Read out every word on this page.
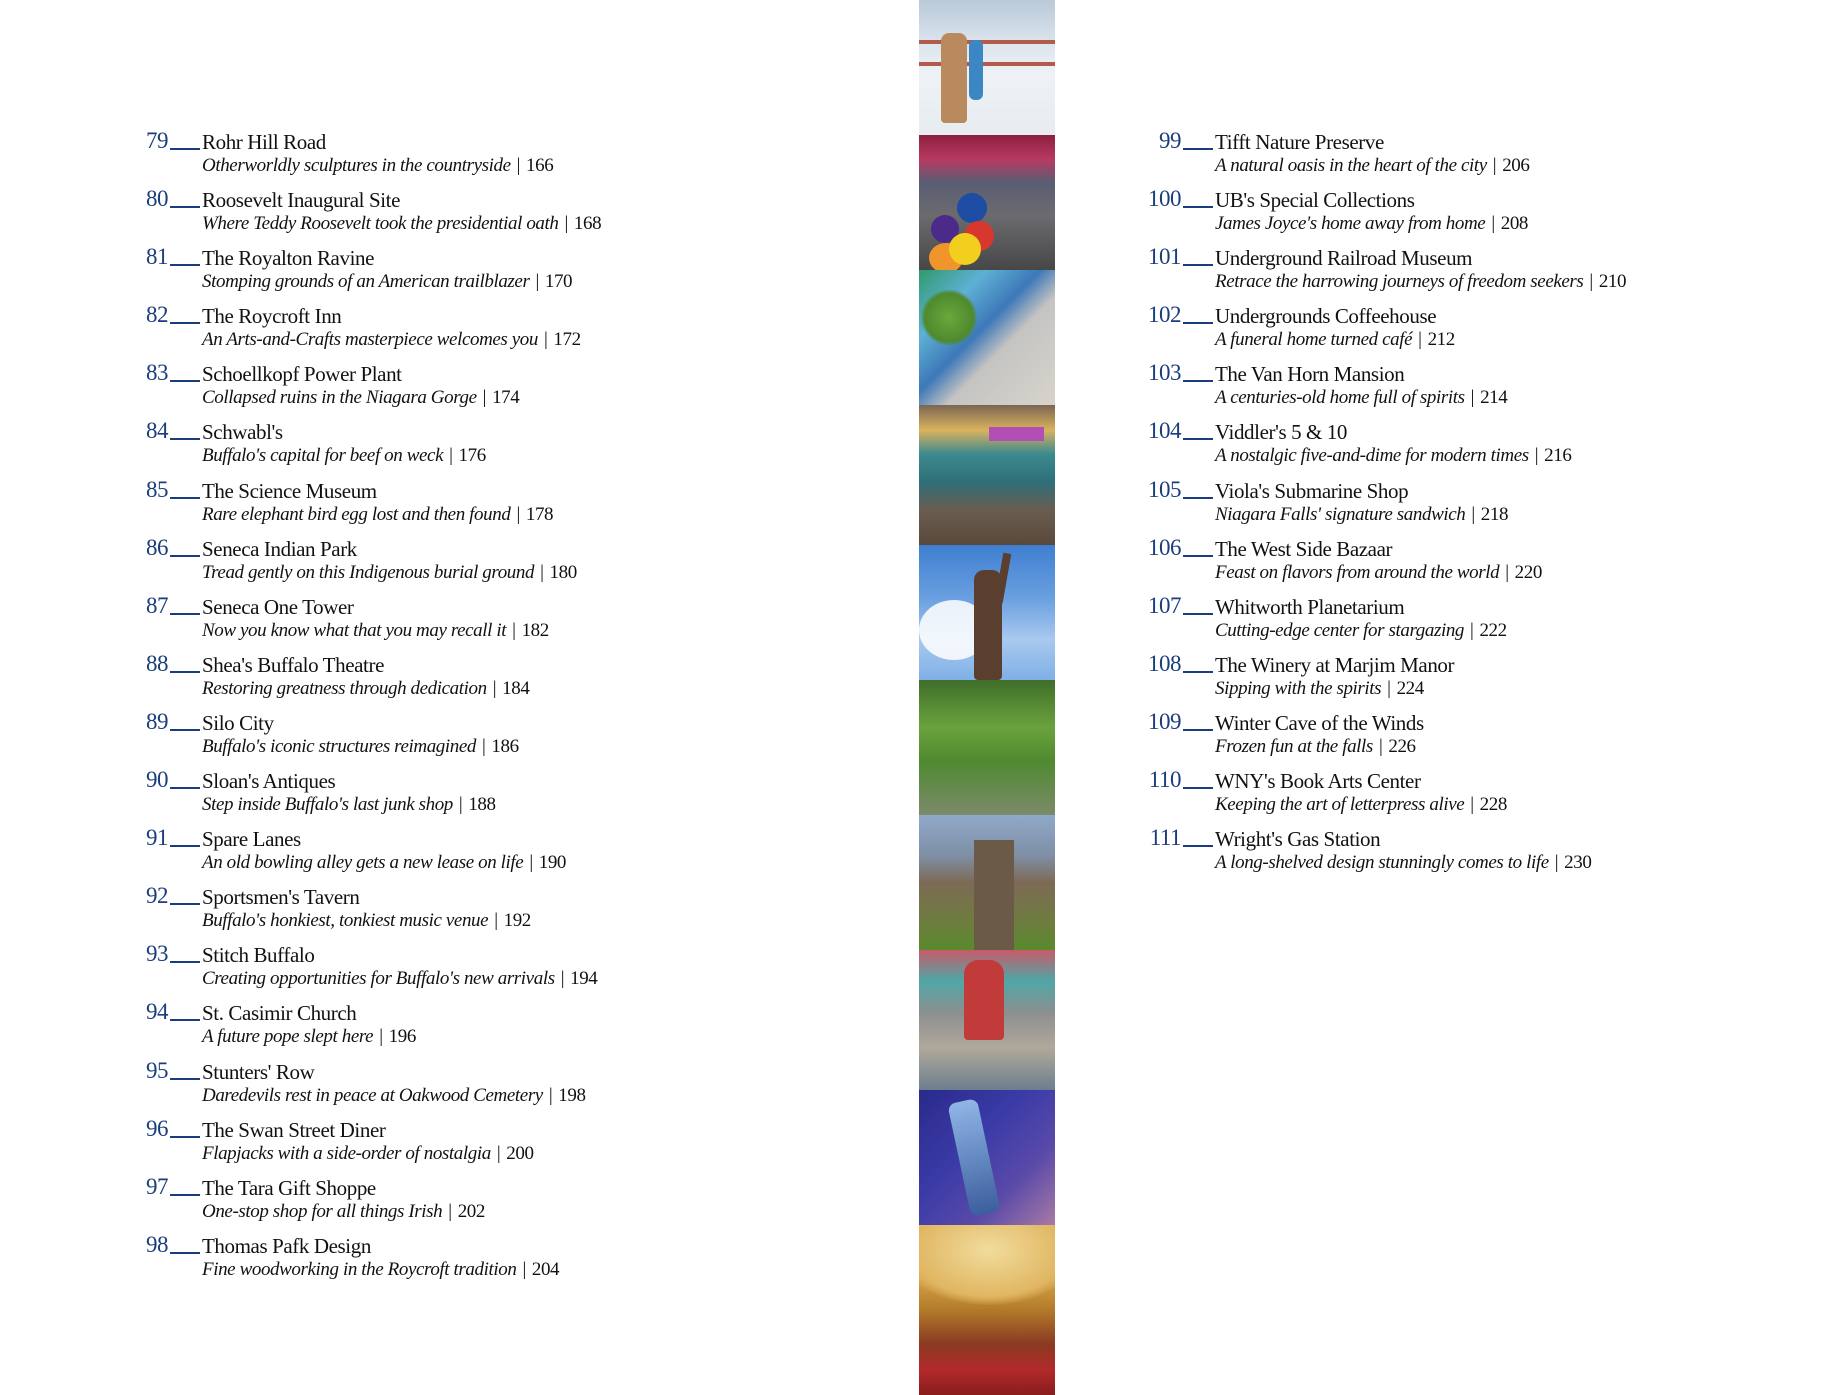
79 Rohr Hill Road
Otherworldly sculptures in the countryside | 166
80 Roosevelt Inaugural Site
Where Teddy Roosevelt took the presidential oath | 168
81 The Royalton Ravine
Stomping grounds of an American trailblazer | 170
82 The Roycroft Inn
An Arts-and-Crafts masterpiece welcomes you | 172
83 Schoellkopf Power Plant
Collapsed ruins in the Niagara Gorge | 174
84 Schwabl's
Buffalo's capital for beef on weck | 176
85 The Science Museum
Rare elephant bird egg lost and then found | 178
86 Seneca Indian Park
Tread gently on this Indigenous burial ground | 180
87 Seneca One Tower
Now you know what that you may recall it | 182
88 Shea's Buffalo Theatre
Restoring greatness through dedication | 184
89 Silo City
Buffalo's iconic structures reimagined | 186
90 Sloan's Antiques
Step inside Buffalo's last junk shop | 188
91 Spare Lanes
An old bowling alley gets a new lease on life | 190
92 Sportsmen's Tavern
Buffalo's honkiest, tonkiest music venue | 192
93 Stitch Buffalo
Creating opportunities for Buffalo's new arrivals | 194
94 St. Casimir Church
A future pope slept here | 196
95 Stunters' Row
Daredevils rest in peace at Oakwood Cemetery | 198
96 The Swan Street Diner
Flapjacks with a side-order of nostalgia | 200
97 The Tara Gift Shoppe
One-stop shop for all things Irish | 202
98 Thomas Pafk Design
Fine woodworking in the Roycroft tradition | 204
99 Tifft Nature Preserve
A natural oasis in the heart of the city | 206
100 UB's Special Collections
James Joyce's home away from home | 208
101 Underground Railroad Museum
Retrace the harrowing journeys of freedom seekers | 210
102 Undergrounds Coffeehouse
A funeral home turned café | 212
103 The Van Horn Mansion
A centuries-old home full of spirits | 214
104 Viddler's 5 & 10
A nostalgic five-and-dime for modern times | 216
105 Viola's Submarine Shop
Niagara Falls' signature sandwich | 218
106 The West Side Bazaar
Feast on flavors from around the world | 220
107 Whitworth Planetarium
Cutting-edge center for stargazing | 222
108 The Winery at Marjim Manor
Sipping with the spirits | 224
109 Winter Cave of the Winds
Frozen fun at the falls | 226
110 WNY's Book Arts Center
Keeping the art of letterpress alive | 228
111 Wright's Gas Station
A long-shelved design stunningly comes to life | 230
